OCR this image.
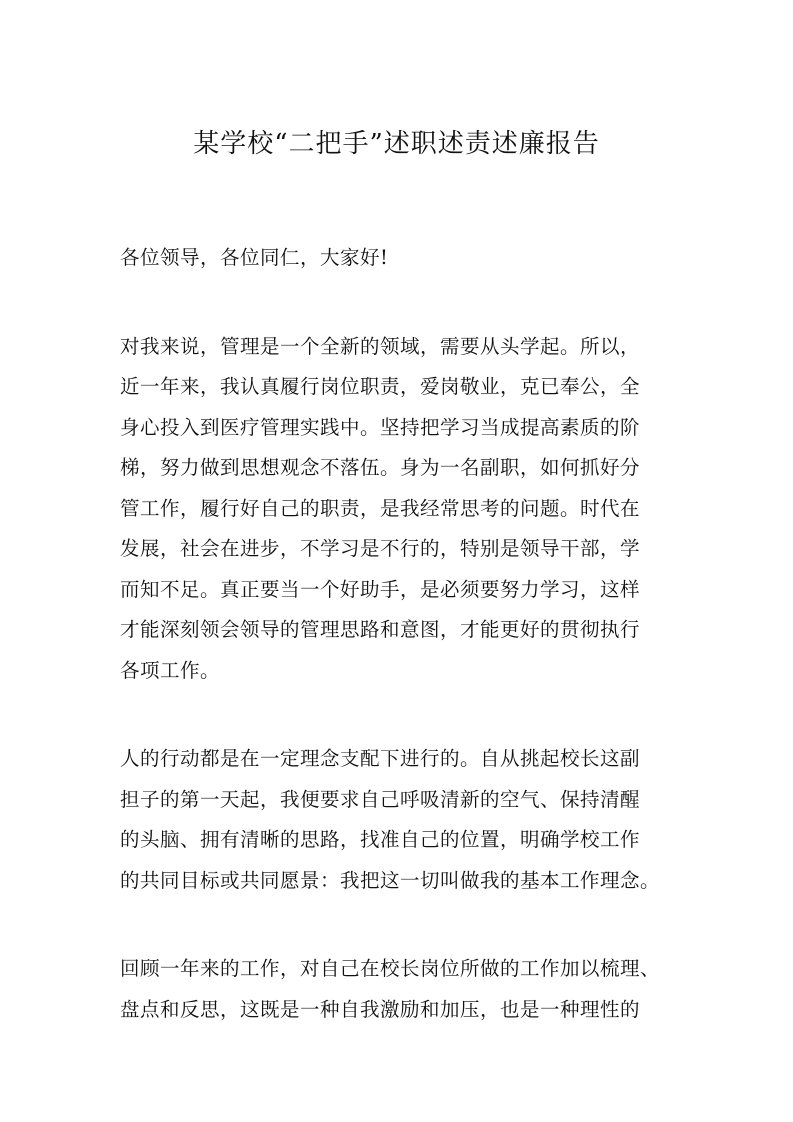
某学校“二把手”述职述责述廉报告

各位领导，各位同仁，大家好!

对我来说，管理是一个全新的领域，需要从头学起。所以，
近一年来，我认真履行岗位职责，爱岗敬业，克已奉公，全
身心投入到医疗管理实践中。坚持把学习当成提高素质的阶
梯，努力做到思想观念不落伍。身为一名副职，如何抓好分
管工作，履行好自己的职责，是我经常思考的问题。时代在
发展，社会在进步，不学习是不行的，特别是领导干部，学
而知不足。真正要当一个好助手，是必须要努力学习，这样
才能深刻领会领导的管理思路和意图，才能更好的贯彻执行
各项工作。

人的行动都是在一定理念支配下进行的。自从挑起校长这副
担子的第一天起，我便要求自己呼吸清新的空气、保持清醒
的头脑、拥有清晰的思路，找准自己的位置，明确学校工作
的共同目标或共同愿景：我把这一切叫做我的基本工作理念。

回顾一年来的工作，对自己在校长岗位所做的工作加以梳理、
盘点和反思，这既是一种自我激励和加压，也是一种理性的
